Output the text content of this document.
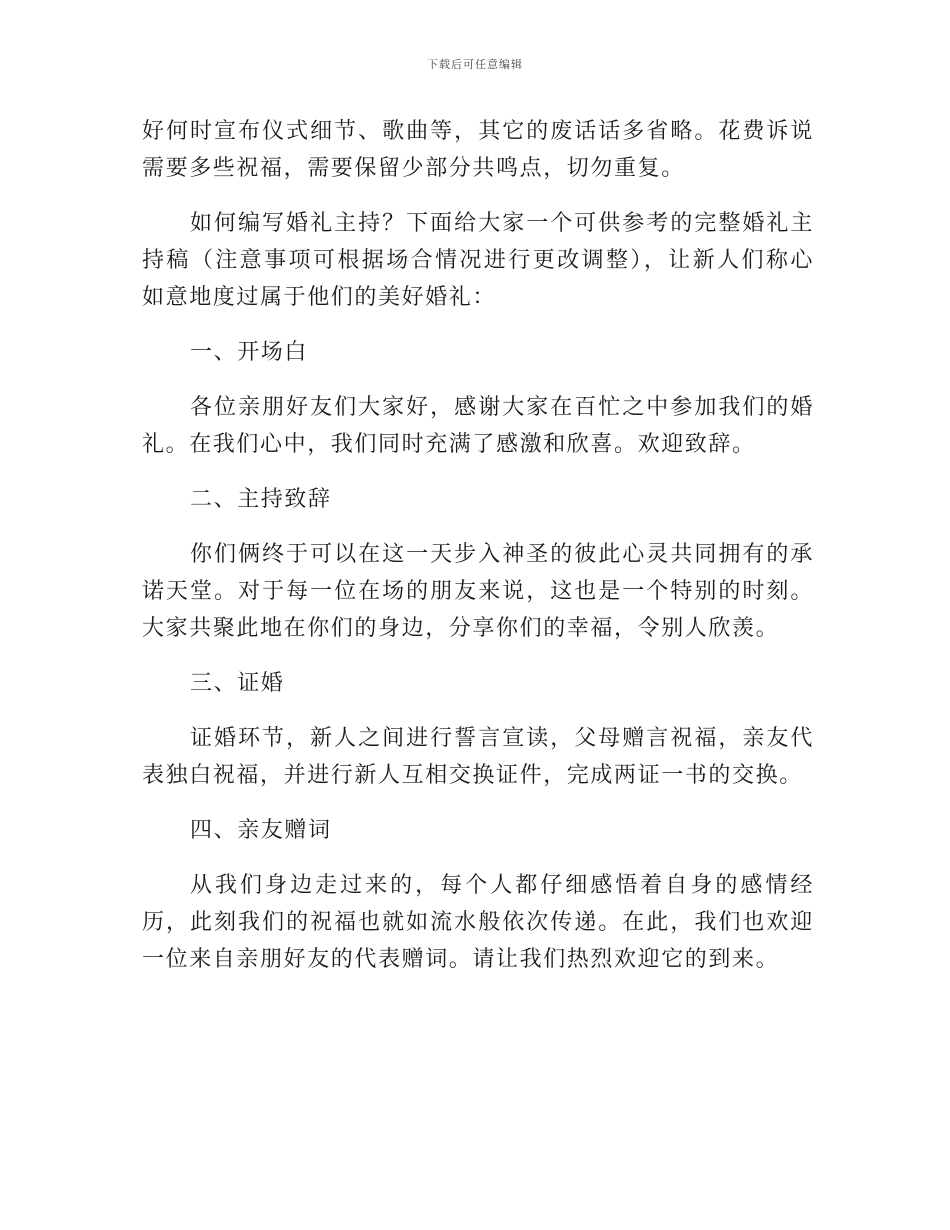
下载后可任意编辑

好何时宣布仪式细节、歌曲等，其它的废话话多省略。花费诉说需要多些祝福，需要保留少部分共鸣点，切勿重复。

如何编写婚礼主持？下面给大家一个可供参考的完整婚礼主持稿（注意事项可根据场合情况进行更改调整），让新人们称心如意地度过属于他们的美好婚礼：

一、开场白

各位亲朋好友们大家好，感谢大家在百忙之中参加我们的婚礼。在我们心中，我们同时充满了感激和欣喜。欢迎致辞。

二、主持致辞

你们俩终于可以在这一天步入神圣的彼此心灵共同拥有的承诺天堂。对于每一位在场的朋友来说，这也是一个特别的时刻。大家共聚此地在你们的身边，分享你们的幸福，令别人欣羡。

三、证婚

证婚环节，新人之间进行誓言宣读，父母赠言祝福，亲友代表独白祝福，并进行新人互相交换证件，完成两证一书的交换。

四、亲友赠词

从我们身边走过来的，每个人都仔细感悟着自身的感情经历，此刻我们的祝福也就如流水般依次传递。在此，我们也欢迎一位来自亲朋好友的代表赠词。请让我们热烈欢迎它的到来。
